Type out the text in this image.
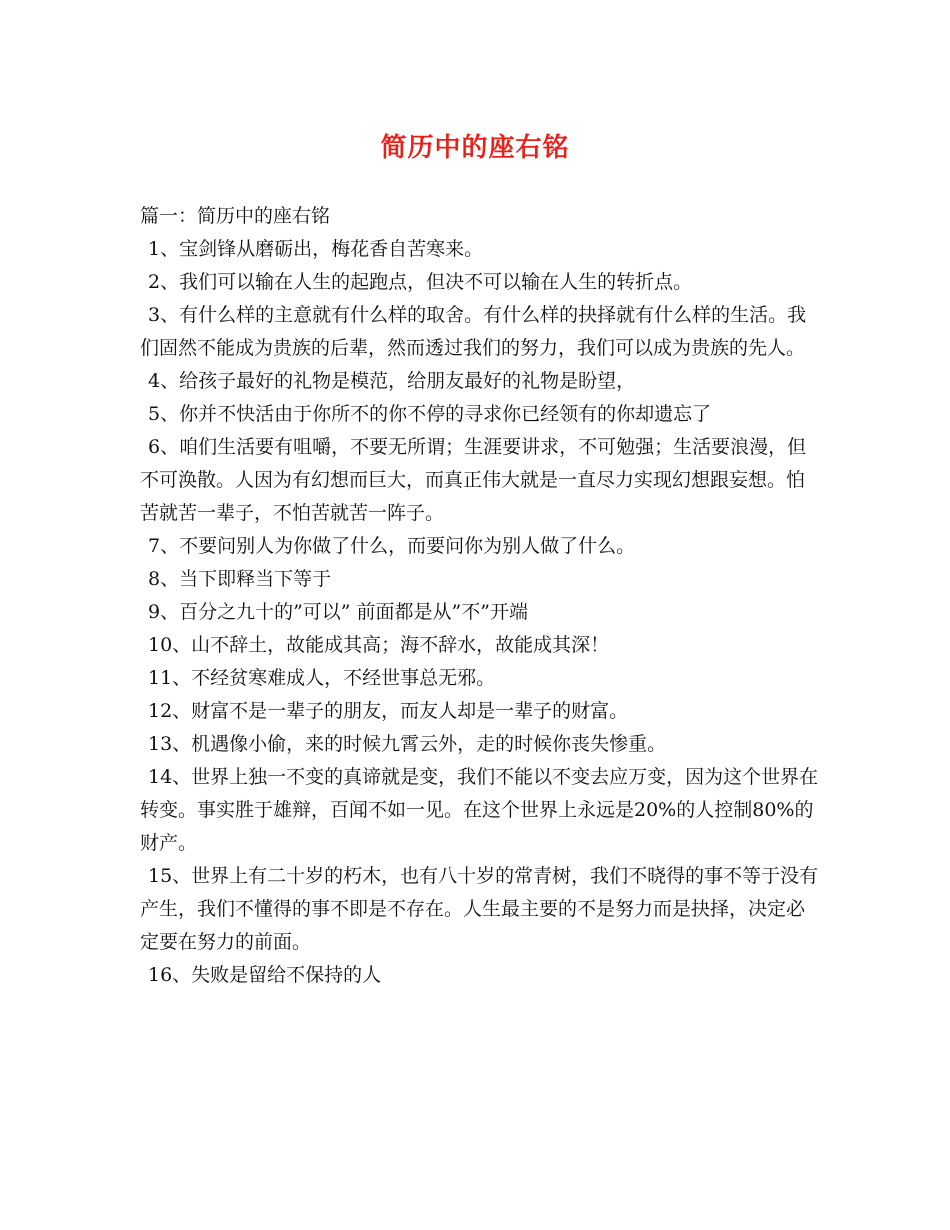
简历中的座右铭

篇一：简历中的座右铭

1、宝剑锋从磨砺出，梅花香自苦寒来。

2、我们可以输在人生的起跑点，但决不可以输在人生的转折点。

3、有什么样的主意就有什么样的取舍。有什么样的抉择就有什么样的生活。我们固然不能成为贵族的后辈，然而透过我们的努力，我们可以成为贵族的先人。

4、给孩子最好的礼物是模范，给朋友最好的礼物是盼望，

5、你并不快活由于你所不的你不停的寻求你已经领有的你却遗忘了

6、咱们生活要有咀嚼，不要无所谓；生涯要讲求，不可勉强；生活要浪漫，但不可涣散。人因为有幻想而巨大，而真正伟大就是一直尽力实现幻想跟妄想。怕苦就苦一辈子，不怕苦就苦一阵子。

7、不要问别人为你做了什么，而要问你为别人做了什么。

8、当下即释当下等于

9、百分之九十的”可以” 前面都是从”不”开端

10、山不辞土，故能成其高；海不辞水，故能成其深！

11、不经贫寒难成人，不经世事总无邪。

12、财富不是一辈子的朋友，而友人却是一辈子的财富。

13、机遇像小偷，来的时候九霄云外，走的时候你丧失惨重。

14、世界上独一不变的真谛就是变，我们不能以不变去应万变，因为这个世界在转变。事实胜于雄辩，百闻不如一见。在这个世界上永远是20%的人控制80%的财产。

15、世界上有二十岁的朽木，也有八十岁的常青树，我们不晓得的事不等于没有产生，我们不懂得的事不即是不存在。人生最主要的不是努力而是抉择，决定必定要在努力的前面。

16、失败是留给不保持的人
